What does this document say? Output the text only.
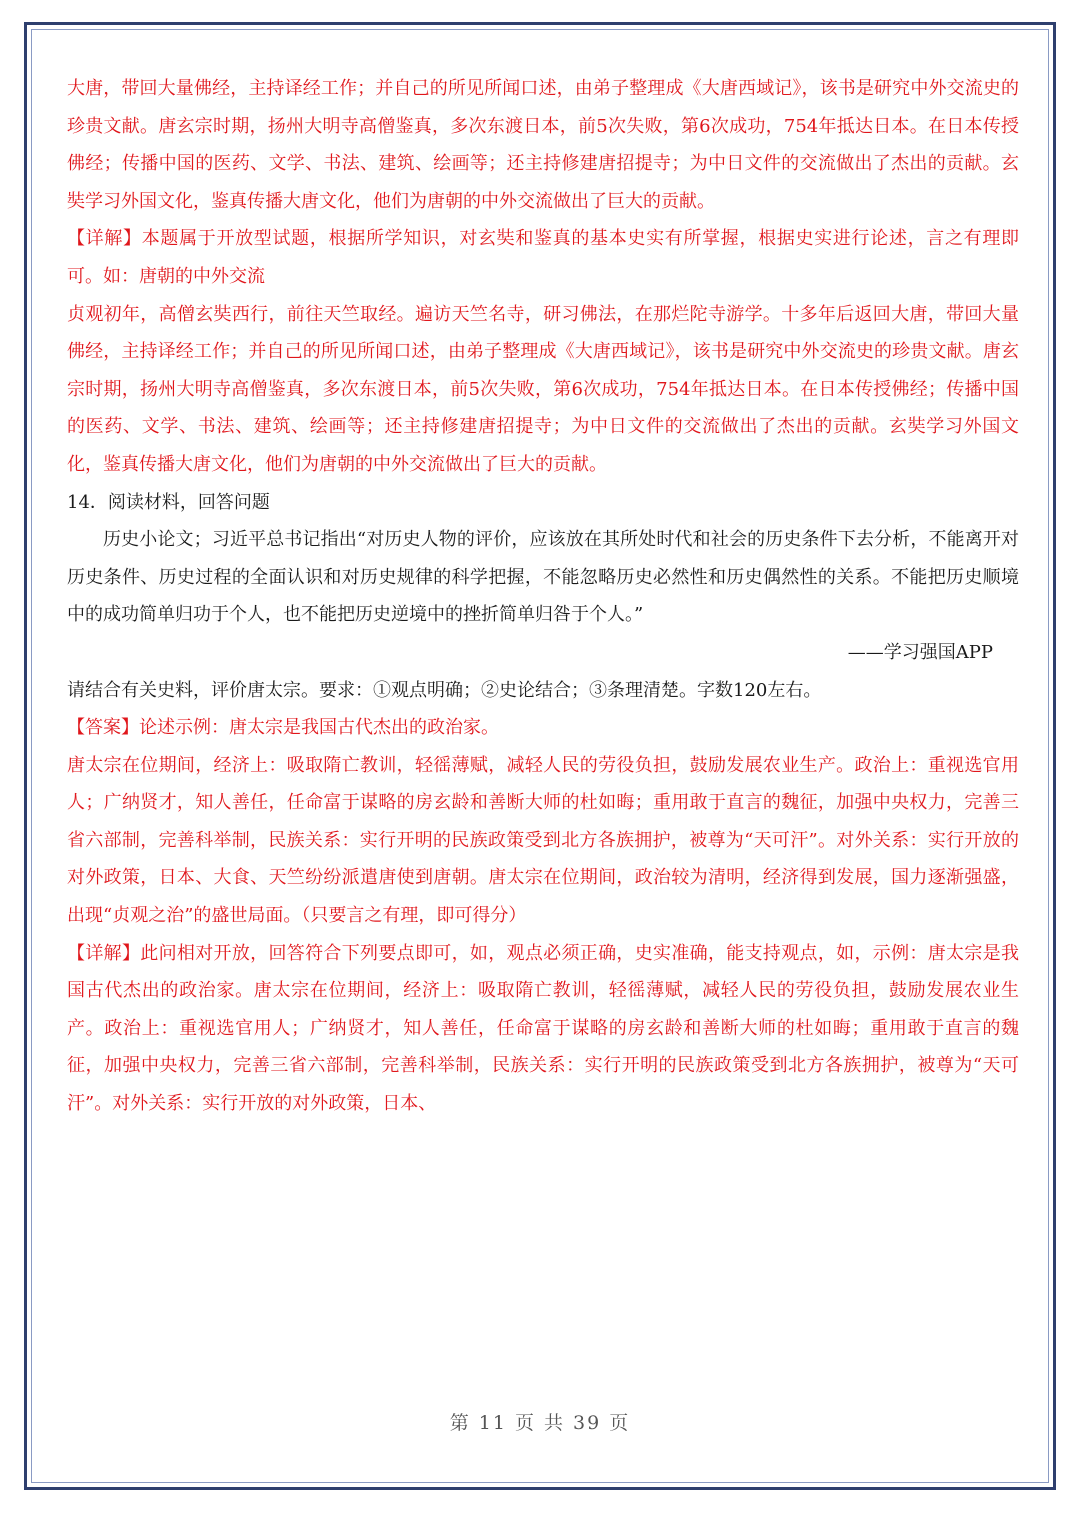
大唐，带回大量佛经，主持译经工作；并自己的所见所闻口述，由弟子整理成《大唐西域记》，该书是研究中外交流史的珍贵文献。唐玄宗时期，扬州大明寺高僧鉴真，多次东渡日本，前5次失败，第6次成功，754年抵达日本。在日本传授佛经；传播中国的医药、文学、书法、建筑、绘画等；还主持修建唐招提寺；为中日文件的交流做出了杰出的贡献。玄奘学习外国文化，鉴真传播大唐文化，他们为唐朝的中外交流做出了巨大的贡献。

【详解】本题属于开放型试题，根据所学知识，对玄奘和鉴真的基本史实有所掌握，根据史实进行论述，言之有理即可。如：唐朝的中外交流

贞观初年，高僧玄奘西行，前往天竺取经。遍访天竺名寺，研习佛法，在那烂陀寺游学。十多年后返回大唐，带回大量佛经，主持译经工作；并自己的所见所闻口述，由弟子整理成《大唐西域记》，该书是研究中外交流史的珍贵文献。唐玄宗时期，扬州大明寺高僧鉴真，多次东渡日本，前5次失败，第6次成功，754年抵达日本。在日本传授佛经；传播中国的医药、文学、书法、建筑、绘画等；还主持修建唐招提寺；为中日文件的交流做出了杰出的贡献。玄奘学习外国文化，鉴真传播大唐文化，他们为唐朝的中外交流做出了巨大的贡献。

14．阅读材料，回答问题

历史小论文；习近平总书记指出“对历史人物的评价，应该放在其所处时代和社会的历史条件下去分析，不能离开对历史条件、历史过程的全面认识和对历史规律的科学把握，不能忽略历史必然性和历史偶然性的关系。不能把历史顺境中的成功简单归功于个人，也不能把历史逆境中的挫折简单归咎于个人。”

——学习强国APP

请结合有关史料，评价唐太宗。要求：①观点明确；②史论结合；③条理清楚。字数120左右。

【答案】论述示例：唐太宗是我国古代杰出的政治家。

唐太宗在位期间，经济上：吸取隋亡教训，轻徭薄赋，减轻人民的劳役负担，鼓励发展农业生产。政治上：重视选官用人；广纳贤才，知人善任，任命富于谋略的房玄龄和善断大师的杜如晦；重用敢于直言的魏征，加强中央权力，完善三省六部制，完善科举制，民族关系：实行开明的民族政策受到北方各族拥护，被尊为“天可汗”。对外关系：实行开放的对外政策，日本、大食、天竺纷纷派遣唐使到唐朝。唐太宗在位期间，政治较为清明，经济得到发展，国力逐渐强盛，出现“贞观之治”的盛世局面。（只要言之有理，即可得分）

【详解】此问相对开放，回答符合下列要点即可，如，观点必须正确，史实准确，能支持观点，如，示例：唐太宗是我国古代杰出的政治家。唐太宗在位期间，经济上：吸取隋亡教训，轻徭薄赋，减轻人民的劳役负担，鼓励发展农业生产。政治上：重视选官用人；广纳贤才，知人善任，任命富于谋略的房玄龄和善断大师的杜如晦；重用敢于直言的魏征，加强中央权力，完善三省六部制，完善科举制，民族关系：实行开明的民族政策受到北方各族拥护，被尊为“天可汗”。对外关系：实行开放的对外政策，日本、

第 11 页 共 39 页
